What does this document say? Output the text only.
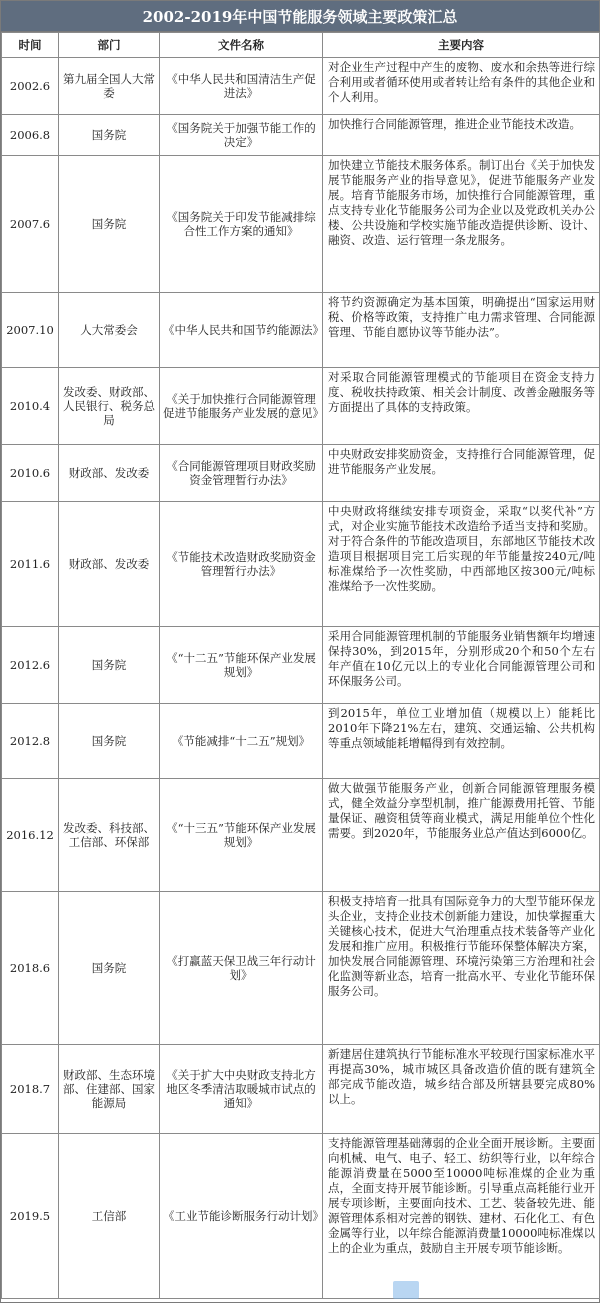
2002-2019年中国节能服务领域主要政策汇总
时间	部门	文件名称	主要内容
2002.6	第九届全国人大常委	《中华人民共和国清洁生产促进法》	对企业生产过程中产生的废物、废水和余热等进行综合利用或者循环使用或者转让给有条件的其他企业和个人利用。
2006.8	国务院	《国务院关于加强节能工作的决定》	加快推行合同能源管理，推进企业节能技术改造。
2007.6	国务院	《国务院关于印发节能减排综合性工作方案的通知》	加快建立节能技术服务体系。制订出台《关于加快发展节能服务产业的指导意见》，促进节能服务产业发展。培育节能服务市场，加快推行合同能源管理，重点支持专业化节能服务公司为企业以及党政机关办公楼、公共设施和学校实施节能改造提供诊断、设计、融资、改造、运行管理一条龙服务。
2007.10	人大常委会	《中华人民共和国节约能源法》	将节约资源确定为基本国策，明确提出“国家运用财税、价格等政策，支持推广电力需求管理、合同能源管理、节能自愿协议等节能办法”。
2010.4	发改委、财政部、人民银行、税务总局	《关于加快推行合同能源管理促进节能服务产业发展的意见》	对采取合同能源管理模式的节能项目在资金支持力度、税收扶持政策、相关会计制度、改善金融服务等方面提出了具体的支持政策。
2010.6	财政部、发改委	《合同能源管理项目财政奖励资金管理暂行办法》	中央财政安排奖励资金，支持推行合同能源管理，促进节能服务产业发展。
2011.6	财政部、发改委	《节能技术改造财政奖励资金管理暂行办法》	中央财政将继续安排专项资金，采取“以奖代补”方式，对企业实施节能技术改造给予适当支持和奖励。对于符合条件的节能改造项目，东部地区节能技术改造项目根据项目完工后实现的年节能量按240元/吨标准煤给予一次性奖励，中西部地区按300元/吨标准煤给予一次性奖励。
2012.6	国务院	《“十二五”节能环保产业发展规划》	采用合同能源管理机制的节能服务业销售额年均增速保持30%，到2015年，分别形成20个和50个左右年产值在10亿元以上的专业化合同能源管理公司和环保服务公司。
2012.8	国务院	《节能减排“十二五”规划》	到2015年，单位工业增加值（规模以上）能耗比2010年下降21%左右，建筑、交通运输、公共机构等重点领域能耗增幅得到有效控制。
2016.12	发改委、科技部、工信部、环保部	《“十三五”节能环保产业发展规划》	做大做强节能服务产业，创新合同能源管理服务模式，健全效益分享型机制，推广能源费用托管、节能量保证、融资租赁等商业模式，满足用能单位个性化需要。到2020年，节能服务业总产值达到6000亿。
2018.6	国务院	《打赢蓝天保卫战三年行动计划》	积极支持培育一批具有国际竞争力的大型节能环保龙头企业，支持企业技术创新能力建设，加快掌握重大关键核心技术，促进大气治理重点技术装备等产业化发展和推广应用。积极推行节能环保整体解决方案，加快发展合同能源管理、环境污染第三方治理和社会化监测等新业态，培育一批高水平、专业化节能环保服务公司。
2018.7	财政部、生态环境部、住建部、国家能源局	《关于扩大中央财政支持北方地区冬季清洁取暖城市试点的通知》	新建居住建筑执行节能标准水平较现行国家标准水平再提高30%，城市城区具备改造价值的既有建筑全部完成节能改造，城乡结合部及所辖县要完成80%以上。
2019.5	工信部	《工业节能诊断服务行动计划》	支持能源管理基础薄弱的企业全面开展诊断。主要面向机械、电气、电子、轻工、纺织等行业，以年综合能源消费量在5000至10000吨标准煤的企业为重点，全面支持开展节能诊断。引导重点高耗能行业开展专项诊断，主要面向技术、工艺、装备较先进、能源管理体系相对完善的钢铁、建材、石化化工、有色金属等行业，以年综合能源消费量10000吨标准煤以上的企业为重点，鼓励自主开展专项节能诊断。
